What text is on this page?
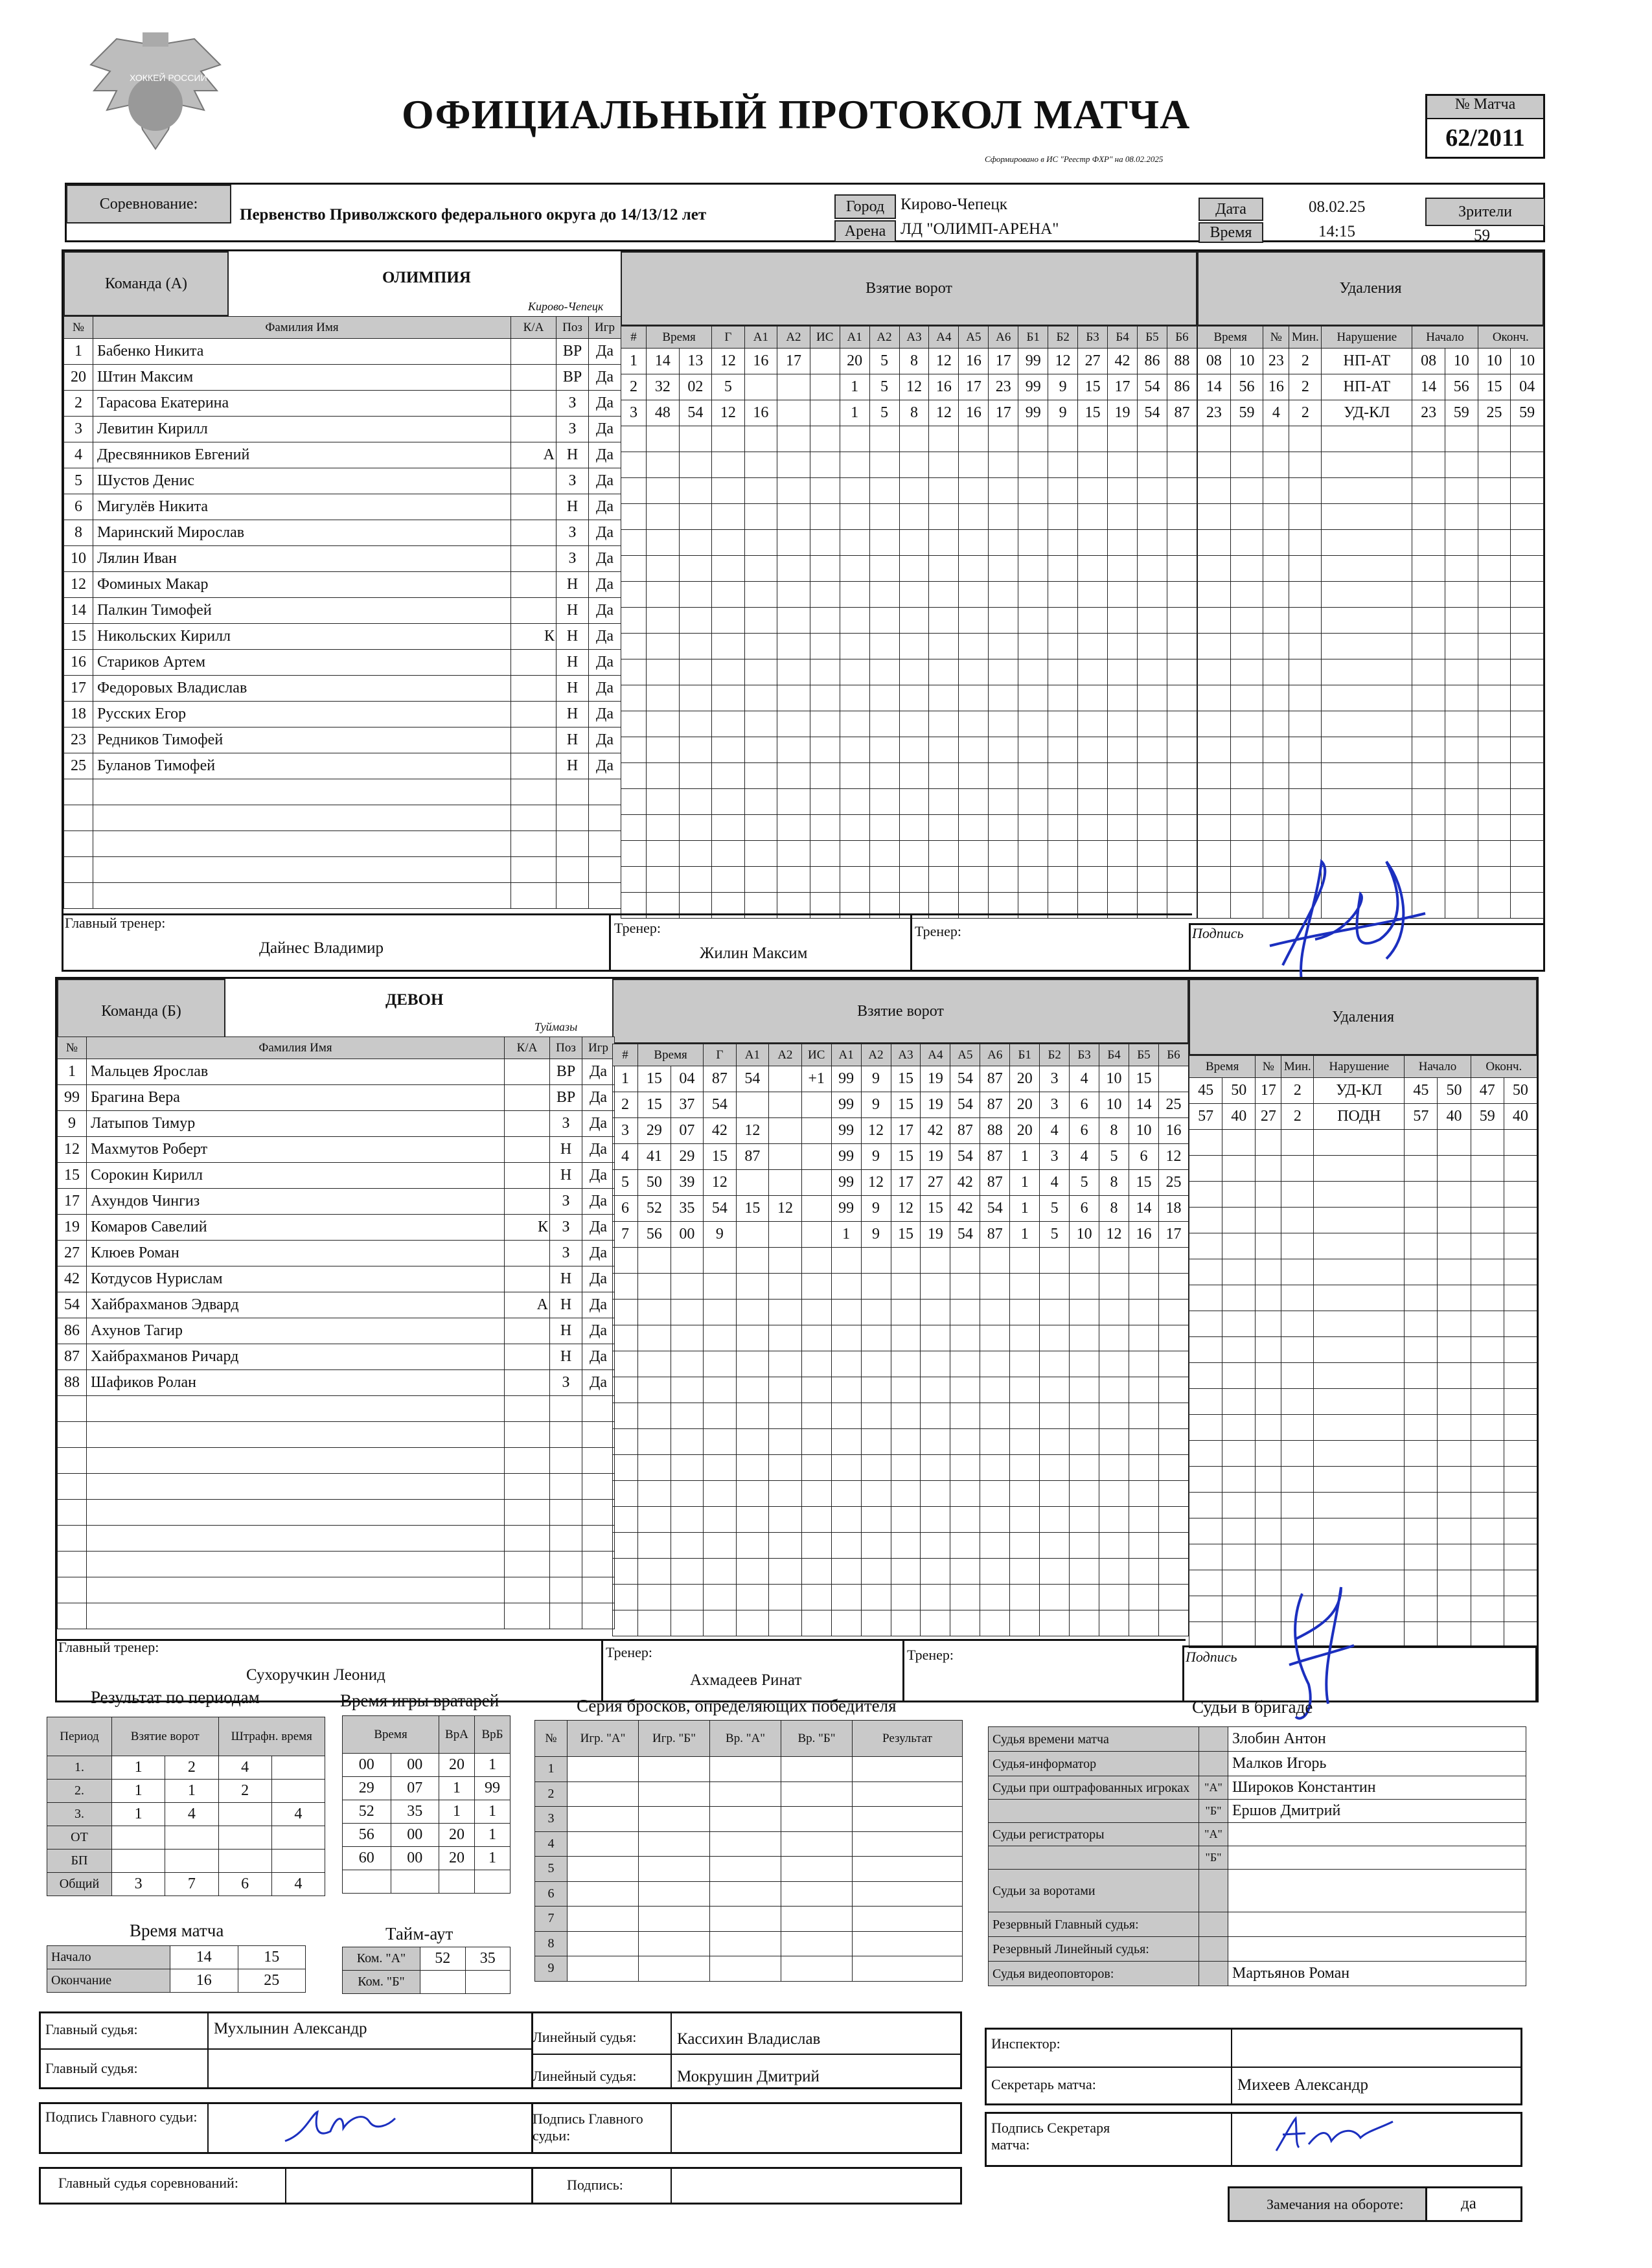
ХОККЕЙ РОССИИ
ОФИЦИАЛЬНЫЙ ПРОТОКОЛ МАТЧА
Сформировано в ИС "Реестр ФХР" на 08.02.2025
№ Матча
62/2011
Соревнование:
Первенство Приволжского федерального округа до 14/13/12 лет	Город Кирово-Чепецк
Арена ЛД "ОЛИМП-АРЕНА"
Дата	08.02.25
Время	14:15
Зрители
59
Команда (А)	ОЛИМПИЯ
Кирово-Чепецк
Взятие ворот	Удаления
№	Фамилия Имя	К/А	Поз	Игр
1	Бабенко Никита		ВР	Да
20	Штин Максим		ВР	Да
2	Тарасова Екатерина		З	Да
3	Левитин Кирилл		З	Да
4	Дресвянников Евгений	А	Н	Да
5	Шустов Денис		З	Да
6	Мигулёв Никита		Н	Да
8	Маринский Мирослав		З	Да
10	Лялин Иван		З	Да
12	Фоминых Макар		Н	Да
14	Палкин Тимофей		Н	Да
15	Никольских Кирилл	К	Н	Да
16	Стариков Артем		Н	Да
17	Федоровых Владислав		Н	Да
18	Русских Егор		Н	Да
23	Редников Тимофей		Н	Да
25	Буланов Тимофей		Н	Да

#	Время		Г	А1	А2	ИС	А1	А2	А3	А4	А5	А6	Б1	Б2	Б3	Б4	Б5	Б6
1	14	13	12	16	17		20	5	8	12	16	17	99	12	27	42	86	88
2	32	02	5				1	5	12	16	17	23	99	9	15	17	54	86
3	48	54	12	16			1	5	8	12	16	17	99	9	15	19	54	87

Время		№	Мин.	Нарушение	Начало		Оконч.	
08	10	23	2	НП-АТ	08	10	10	10
14	56	16	2	НП-АТ	14	56	15	04
23	59	4	2	УД-КЛ	23	59	25	59

Главный тренер:
Дайнес Владимир
Тренер:
Жилин Максим
Тренер:	Подпись
Команда (Б)
ДЕВОН
Туймазы
Взятие ворот	Удаления
№	Фамилия Имя	К/А	Поз	Игр
1	Мальцев Ярослав		ВР	Да
99	Брагина Вера		ВР	Да
9	Латыпов Тимур		З	Да
12	Махмутов Роберт		Н	Да
15	Сорокин Кирилл		Н	Да
17	Ахундов Чингиз		З	Да
19	Комаров Савелий	К	З	Да
27	Клюев Роман		З	Да
42	Котдусов Нурислам		Н	Да
54	Хайбрахманов Эдвард	А	Н	Да
86	Ахунов Тагир		Н	Да
87	Хайбрахманов Ричард		Н	Да
88	Шафиков Ролан		З	Да

#	Время		Г	А1	А2	ИС	А1	А2	А3	А4	А5	А6	Б1	Б2	Б3	Б4	Б5	Б6
1	15	04	87	54		+1	99	9	15	19	54	87	20	3	4	10	15	
2	15	37	54				99	9	15	19	54	87	20	3	6	10	14	25
3	29	07	42	12			99	12	17	42	87	88	20	4	6	8	10	16
4	41	29	15	87			99	9	15	19	54	87	1	3	4	5	6	12
5	50	39	12				99	12	17	27	42	87	1	4	5	8	15	25
6	52	35	54	15	12		99	9	12	15	42	54	1	5	6	8	14	18
7	56	00	9				1	9	15	19	54	87	1	5	10	12	16	17

Время		№	Мин.	Нарушение	Начало		Оконч.	
45	50	17	2	УД-КЛ	45	50	47	50
57	40	27	2	ПОДН	57	40	59	40

Главный тренер:
Сухоручкин Леонид
Тренер:
Ахмадеев Ринат
Тренер:	Подпись
Результат по периодам
Период	Взятие ворот		Штрафн. время	
1.	1	2	4	
2.	1	1	2	
3.	1	4		4
ОТ				
БП				
Общий	3	7	6	4
Время игры вратарей
Время		ВрА	ВрБ
00	00	20	1
29	07	1	99
52	35	1	1
56	00	20	1
60	00	20	1

Время матча
Начало	14	15
Окончание	16	25
Тайм-аут
Ком. "А"	52	35
Ком. "Б"		
Серия бросков, определяющих победителя
№	Игр. "А"	Игр. "Б"	Вр. "А"	Вр. "Б"	Результат
1					
2					
3					
4					
5					
6					
7					
8					
9					
Судьи в бригаде
Судья времени матча		Злобин Антон
Судья-информатор		Малков Игорь
Судьи при оштрафованных игроках	"А"	Широков Константин
	"Б"	Ершов Дмитрий
Судьи регистраторы	"А"	
	"Б"	
Судьи за воротами		
Резервный Главный судья:		
Резервный Линейный судья:		
Судья видеоповторов:		Мартьянов Роман
Главный судья:	Мухлынин Александр
Главный судья:
Линейный судья:	Кассихин Владислав
Линейный судья:	Мокрушин Дмитрий
Инспектор:
Секретарь матча:	Михеев Александр
Подпись Главного судьи:	Подпись Главного судьи:	Подпись Секретаря матча:
Главный судья соревнований:	Подпись:
Замечания на обороте:	да
